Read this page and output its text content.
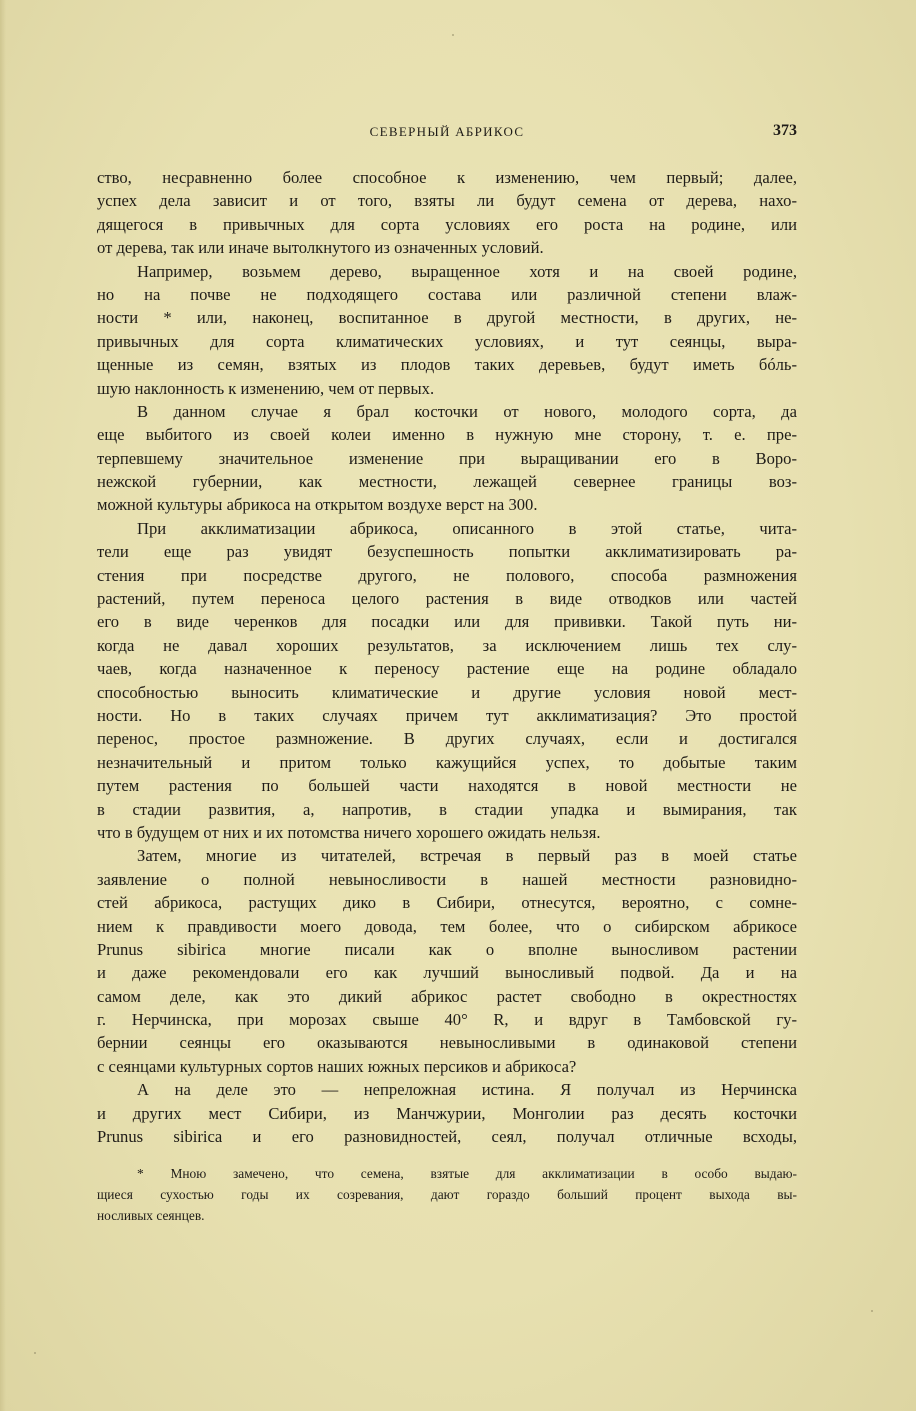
СЕВЕРНЫЙ АБРИКОС	373
ство, несравненно более способное к изменению, чем первый; далее,
успех дела зависит и от того, взяты ли будут семена от дерева, нахо-
дящегося в привычных для сорта условиях его роста на родине, или
от дерева, так или иначе вытолкнутого из означенных условий.
Например, возьмем дерево, выращенное хотя и на своей родине,
но на почве не подходящего состава или различной степени влаж-
ности * или, наконец, воспитанное в другой местности, в других, не-
привычных для сорта климатических условиях, и тут сеянцы, выра-
щенные из семян, взятых из плодов таких деревьев, будут иметь бóль-
шую наклонность к изменению, чем от первых.
В данном случае я брал косточки от нового, молодого сорта, да
еще выбитого из своей колеи именно в нужную мне сторону, т. е. пре-
терпевшему значительное изменение при выращивании его в Воро-
нежской губернии, как местности, лежащей севернее границы воз-
можной культуры абрикоса на открытом воздухе верст на 300.
При акклиматизации абрикоса, описанного в этой статье, чита-
тели еще раз увидят безуспешность попытки акклиматизировать ра-
стения при посредстве другого, не полового, способа размножения
растений, путем переноса целого растения в виде отводков или частей
его в виде черенков для посадки или для прививки. Такой путь ни-
когда не давал хороших результатов, за исключением лишь тех слу-
чаев, когда назначенное к переносу растение еще на родине обладало
способностью выносить климатические и другие условия новой мест-
ности. Но в таких случаях причем тут акклиматизация? Это простой
перенос, простое размножение. В других случаях, если и достигался
незначительный и притом только кажущийся успех, то добытые таким
путем растения по большей части находятся в новой местности не
в стадии развития, а, напротив, в стадии упадка и вымирания, так
что в будущем от них и их потомства ничего хорошего ожидать нельзя.
Затем, многие из читателей, встречая в первый раз в моей статье
заявление о полной невыносливости в нашей местности разновидно-
стей абрикоса, растущих дико в Сибири, отнесутся, вероятно, с сомне-
нием к правдивости моего довода, тем более, что о сибирском абрикосе
Prunus sibirica многие писали как о вполне выносливом растении
и даже рекомендовали его как лучший выносливый подвой. Да и на
самом деле, как это дикий абрикос растет свободно в окрестностях
г. Нерчинска, при морозах свыше 40° R, и вдруг в Тамбовской гу-
бернии сеянцы его оказываются невыносливыми в одинаковой степени
с сеянцами культурных сортов наших южных персиков и абрикоса?
А на деле это — непреложная истина. Я получал из Нерчинска
и других мест Сибири, из Манчжурии, Монголии раз десять косточки
Prunus sibirica и его разновидностей, сеял, получал отличные всходы,
* Мною замечено, что семена, взятые для акклиматизации в особо выдаю-
щиеся сухостью годы их созревания, дают гораздо больший процент выхода вы-
носливых сеянцев.
